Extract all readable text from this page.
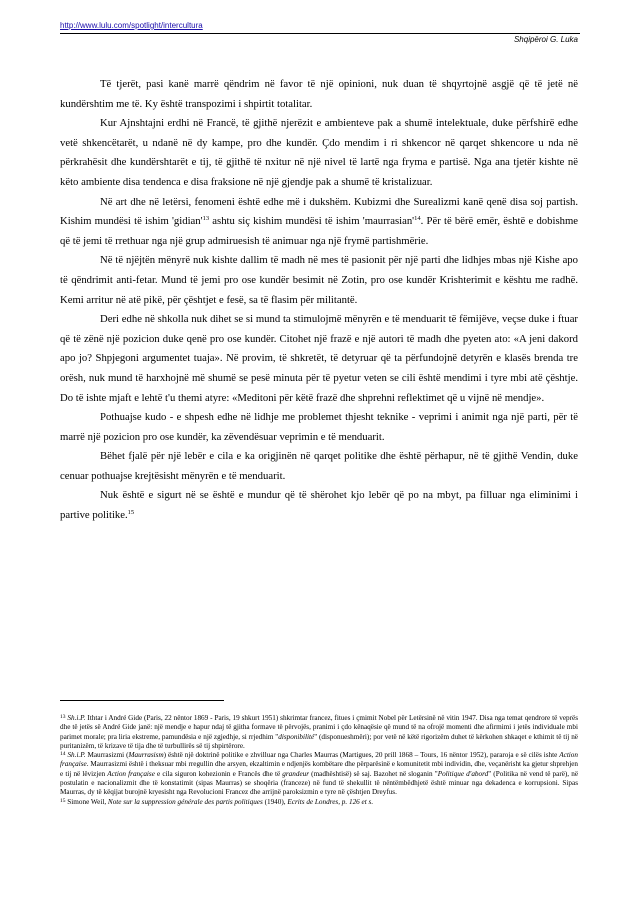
http://www.lulu.com/spotlight/intercultura
Shqipëroi G. Luka

Të tjerët, pasi kanë marrë qëndrim në favor të një opinioni, nuk duan të shqyrtojnë asgjë që të jetë në kundërshtim me të. Ky është transpozimi i shpirtit totalitar.

Kur Ajnshtajni erdhi në Francë, të gjithë njerëzit e ambienteve pak a shumë intelektuale, duke përfshirë edhe vetë shkencëtarët, u ndanë në dy kampe, pro dhe kundër. Çdo mendim i ri shkencor në qarqet shkencore u nda në përkrahësit dhe kundërshtarët e tij, të gjithë të nxitur në një nivel të lartë nga fryma e partisë. Nga ana tjetër kishte në këto ambiente disa tendenca e disa fraksione në një gjendje pak a shumë të kristalizuar.

Në art dhe në letërsi, fenomeni është edhe më i dukshëm. Kubizmi dhe Surealizmi kanë qenë disa soj partish. Kishim mundësi të ishim '$gidian'^{13}$ ashtu siç kishim mundësi të ishim '$maurrasian'^{14}$. Për të bërë emër, është e dobishme që të jemi të rrethuar nga një grup admiruesish të animuar nga një frymë partishmërie.

Në të njëjtën mënyrë nuk kishte dallim të madh në mes të pasionit për një parti dhe lidhjes mbas një Kishe apo të qëndrimit anti-fetar. Mund të jemi pro ose kundër besimit në Zotin, pro ose kundër Krishterimit e kështu me radhë. Kemi arritur në atë pikë, për çështjet e fesë, sa të flasim për militantë.

Deri edhe në shkolla nuk dihet se si mund ta stimulojmë mënyrën e të menduarit të fëmijëve, veçse duke i ftuar që të zënë një pozicion duke qenë pro ose kundër. Citohet një frazë e një autori të madh dhe pyeten ato: «A jeni dakord apo jo? Shpjegoni argumentet tuaja». Në provim, të shkretët, të detyruar që ta përfundojnë detyrën e klasës brenda tre orësh, nuk mund të harxhojnë më shumë se pesë minuta për të pyetur veten se cili është mendimi i tyre mbi atë çështje. Do të ishte mjaft e lehtë t'u themi atyre: «Meditoni për këtë frazë dhe shprehni reflektimet që u vijnë në mendje».

Pothuajse kudo - e shpesh edhe në lidhje me problemet thjesht teknike - veprimi i animit nga një parti, për të marrë një pozicion pro ose kundër, ka zëvendësuar veprimin e të menduarit.

Bëhet fjalë për një lebër e cila e ka origjinën në qarqet politike dhe është përhapur, në të gjithë Vendin, duke cenuar pothuajse krejtësisht mënyrën e të menduarit.

Nuk është e sigurt në se është e mundur që të shërohet kjo lebër që po na mbyt, pa filluar nga eliminimi i partive politike.$^{15}$

$^{13}$ Sh.i.P. Ithtar i André Gide (Paris, 22 nëntor 1869 - Paris, 19 shkurt 1951) shkrimtar francez, fitues i çmimit Nobel për Letërsinë në vitin 1947. Disa nga temat qendrore të veprës dhe të jetës së André Gide janë: një mendje e hapur ndaj të gjitha formave të përvojës, pranimi i çdo kënaqësie që mund të na ofrojë momenti dhe afirmimi i jetës individuale mbi parimet morale; pra liria ekstreme, pamundësia e një zgjedhje, si rrjedhim "disponibilité" (disponueshmëri); por vetë në këtë rigorizëm duhet të kërkohen shkaqet e kthimit të tij në puritanizëm, të krizave të tija dhe të turbullirës së tij shpirtërore.

$^{14}$ Sh.i.P. Maurrasizmi (Maurrasism) është një doktrinë politike e zhvilluar nga Charles Maurras (Martigues, 20 prill 1868 – Tours, 16 nëntor 1952), pararoja e së cilës ishte Action française. Maurrasizmi është i theksuar mbi rregullin dhe arsyen, ekzaltimin e ndjenjës kombëtare dhe përparësinë e komunitetit mbi individin, dhe, veçanërisht ka gjetur shprehjen e tij në lëvizjen Action française e cila siguron kohezionin e Francës dhe të grandeur (madhështisë) së saj. Bazohet në sloganin "Politique d'abord" (Politika në vend të parë), në postulatin e nacionalizmit dhe të konstatimit (sipas Maurras) se shoqëria (franceze) në fund të shekullit të nëntëmbëdhjetë është minuar nga dekadenca e korrupsioni. Sipas Maurras, dy të këqijat burojnë kryesisht nga Revolucioni Francez dhe arrijnë paroksizmin e tyre në çështjen Dreyfus.

$^{15}$ Simone Weil, Note sur la suppression générale des partis politiques (1940), Ecrits de Londres, p. 126 et s.
